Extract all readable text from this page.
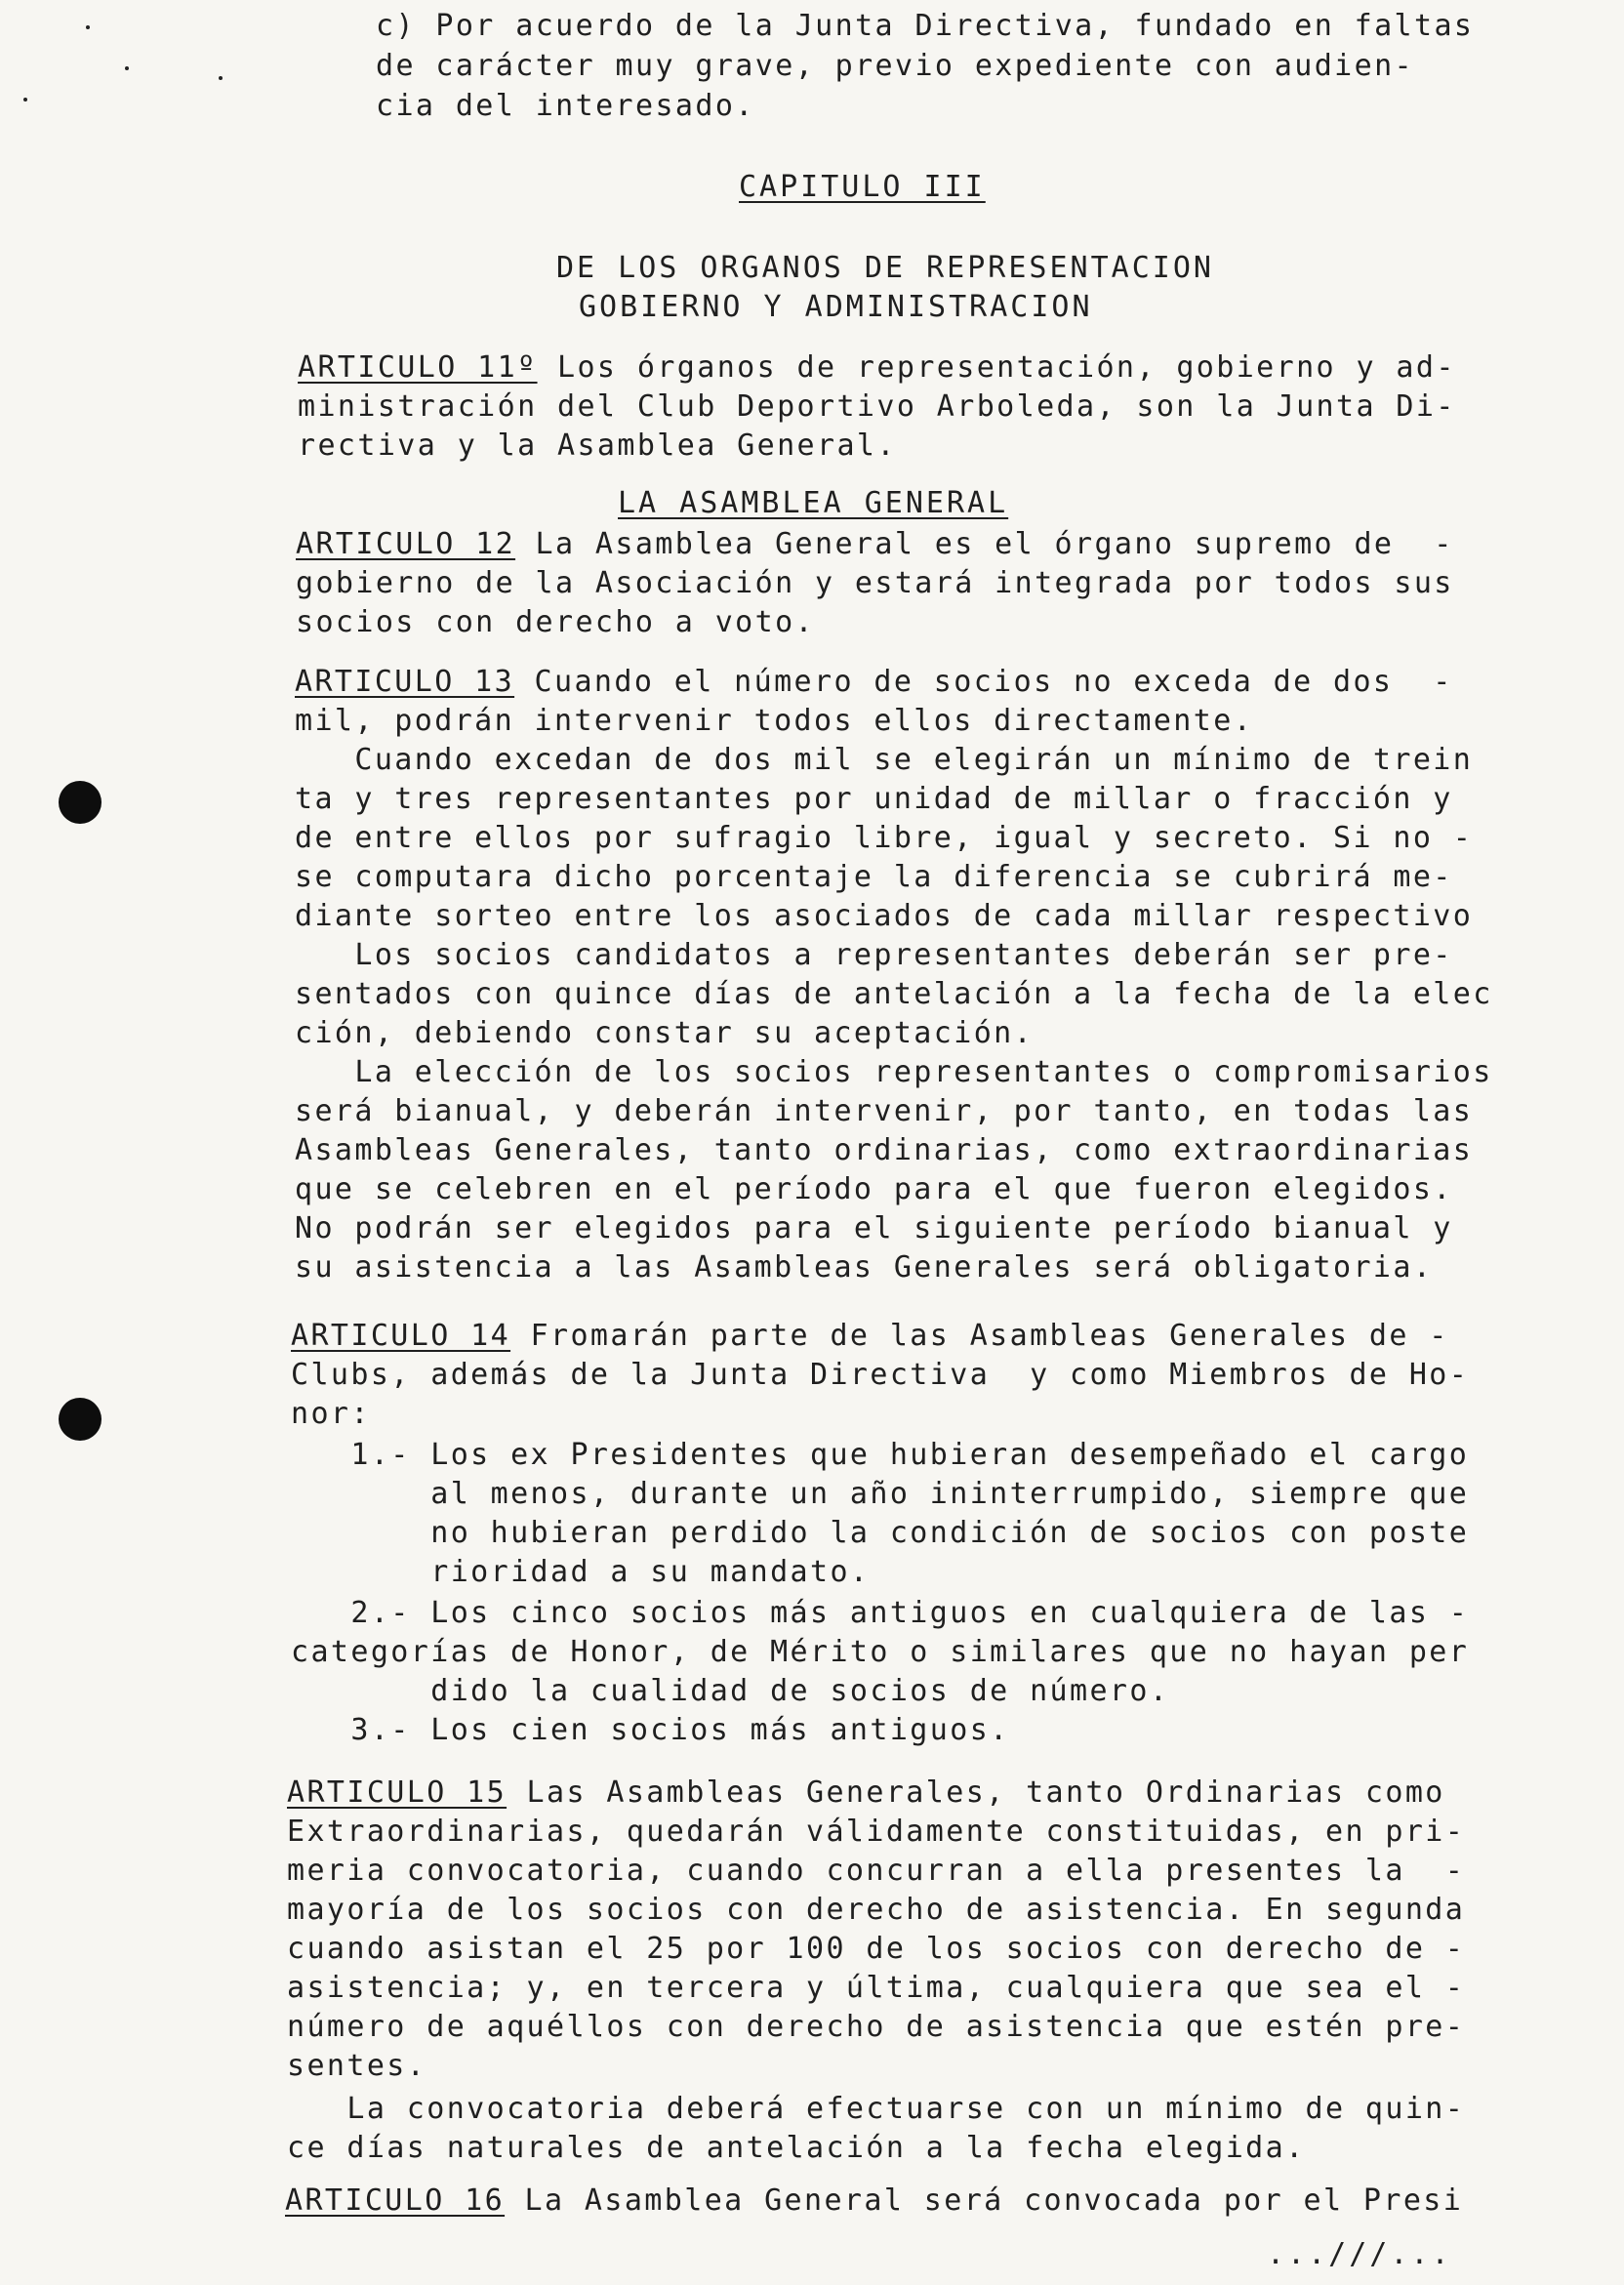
c) Por acuerdo de la Junta Directiva, fundado en faltas
de carácter muy grave, previo expediente con audien-
cia del interesado.
CAPITULO III
DE LOS ORGANOS DE REPRESENTACION
GOBIERNO Y ADMINISTRACION
ARTICULO 11º Los órganos de representación, gobierno y ad-
ministración del Club Deportivo Arboleda, son la Junta Di-
rectiva y la Asamblea General.
LA ASAMBLEA GENERAL
ARTICULO 12 La Asamblea General es el órgano supremo de  -
gobierno de la Asociación y estará integrada por todos sus
socios con derecho a voto.
ARTICULO 13 Cuando el número de socios no exceda de dos  -
mil, podrán intervenir todos ellos directamente.
Cuando excedan de dos mil se elegirán un mínimo de trein
ta y tres representantes por unidad de millar o fracción y
de entre ellos por sufragio libre, igual y secreto. Si no -
se computara dicho porcentaje la diferencia se cubrirá me-
diante sorteo entre los asociados de cada millar respectivo
Los socios candidatos a representantes deberán ser pre-
sentados con quince días de antelación a la fecha de la elec
ción, debiendo constar su aceptación.
La elección de los socios representantes o compromisarios
será bianual, y deberán intervenir, por tanto, en todas las
Asambleas Generales, tanto ordinarias, como extraordinarias
que se celebren en el período para el que fueron elegidos.
No podrán ser elegidos para el siguiente período bianual y
su asistencia a las Asambleas Generales será obligatoria.
ARTICULO 14 Fromarán parte de las Asambleas Generales de -
Clubs, además de la Junta Directiva  y como Miembros de Ho-
nor:
1.- Los ex Presidentes que hubieran desempeñado el cargo
al menos, durante un año ininterrumpido, siempre que
no hubieran perdido la condición de socios con poste
rioridad a su mandato.
2.- Los cinco socios más antiguos en cualquiera de las -
categorías de Honor, de Mérito o similares que no hayan per
dido la cualidad de socios de número.
3.- Los cien socios más antiguos.
ARTICULO 15 Las Asambleas Generales, tanto Ordinarias como
Extraordinarias, quedarán válidamente constituidas, en pri-
meria convocatoria, cuando concurran a ella presentes la  -
mayoría de los socios con derecho de asistencia. En segunda
cuando asistan el 25 por 100 de los socios con derecho de -
asistencia; y, en tercera y última, cualquiera que sea el -
número de aquéllos con derecho de asistencia que estén pre-
sentes.
La convocatoria deberá efectuarse con un mínimo de quin-
ce días naturales de antelación a la fecha elegida.
ARTICULO 16 La Asamblea General será convocada por el Presi
...///...
